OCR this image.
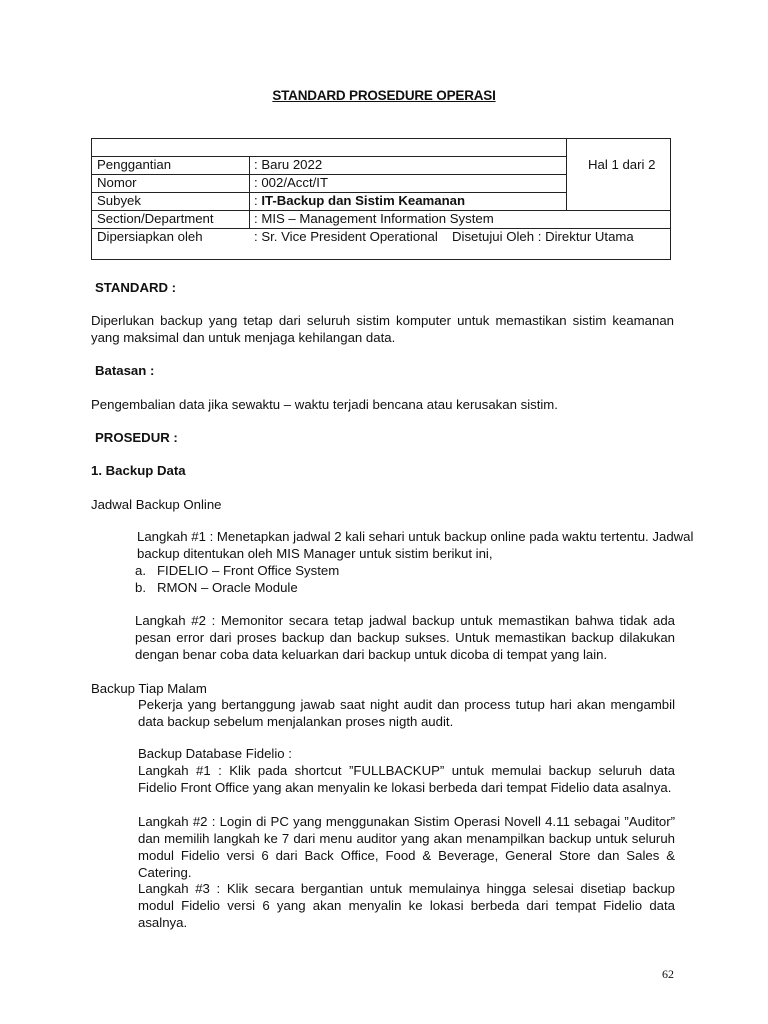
STANDARD PROSEDURE OPERASI
Penggantian	: Baru 2022
Nomor	: 002/Acct/IT
Subyek	: IT-Backup dan Sistim Keamanan
Section/Department	: MIS – Management Information System
Dipersiapkan oleh	: Sr. Vice President Operational Disetujui Oleh : Direktur Utama
Hal 1 dari 2
STANDARD :
Diperlukan backup yang tetap dari seluruh sistim komputer untuk memastikan sistim keamanan yang maksimal dan untuk menjaga kehilangan data.
Batasan :
Pengembalian data jika sewaktu – waktu terjadi bencana atau kerusakan sistim.
PROSEDUR :
1. Backup Data
Jadwal Backup Online
Langkah #1 : Menetapkan jadwal 2 kali sehari untuk backup online pada waktu tertentu. Jadwal
backup ditentukan oleh MIS Manager untuk sistim berikut ini,
a.   FIDELIO – Front Office System
b.   RMON – Oracle Module
Langkah #2 : Memonitor secara tetap jadwal backup untuk memastikan bahwa tidak ada pesan error dari proses backup dan backup sukses. Untuk memastikan backup dilakukan dengan benar coba data keluarkan dari backup untuk dicoba di tempat yang lain.
Backup Tiap Malam
Pekerja yang bertanggung jawab saat night audit dan process tutup hari akan mengambil data backup sebelum menjalankan proses nigth audit.
Backup Database Fidelio :
Langkah #1 : Klik pada shortcut ”FULLBACKUP” untuk memulai backup seluruh data Fidelio Front Office yang akan menyalin ke lokasi berbeda dari tempat Fidelio data asalnya.
Langkah #2 : Login di PC yang menggunakan Sistim Operasi Novell 4.11 sebagai ”Auditor” dan memilih langkah ke 7 dari menu auditor yang akan menampilkan backup untuk seluruh modul Fidelio versi 6 dari Back Office, Food & Beverage, General Store dan Sales & Catering.
Langkah #3 : Klik secara bergantian untuk memulainya hingga selesai disetiap backup modul Fidelio versi 6 yang akan menyalin ke lokasi berbeda dari tempat Fidelio data asalnya.
62
